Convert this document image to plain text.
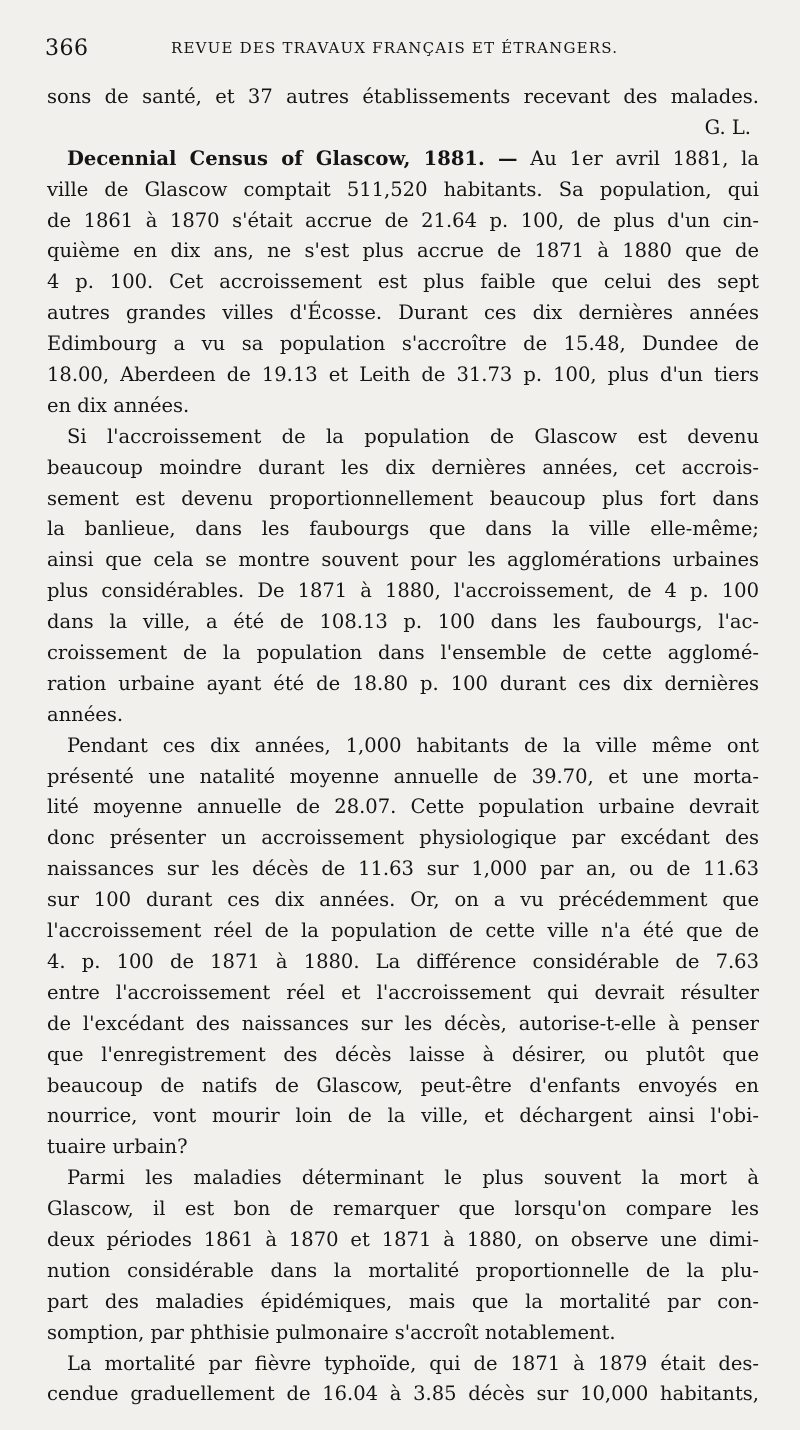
366	REVUE DES TRAVAUX FRANÇAIS ET ÉTRANGERS.
sons de santé, et 37 autres établissements recevant des malades.
G. L.
Decennial Census of Glascow, 1881. — Au 1er avril 1881, la
ville de Glascow comptait 511,520 habitants. Sa population, qui
de 1861 à 1870 s'était accrue de 21.64 p. 100, de plus d'un cin-
quième en dix ans, ne s'est plus accrue de 1871 à 1880 que de
4 p. 100. Cet accroissement est plus faible que celui des sept
autres grandes villes d'Écosse. Durant ces dix dernières années
Edimbourg a vu sa population s'accroître de 15.48, Dundee de
18.00, Aberdeen de 19.13 et Leith de 31.73 p. 100, plus d'un tiers
en dix années.
Si l'accroissement de la population de Glascow est devenu
beaucoup moindre durant les dix dernières années, cet accrois-
sement est devenu proportionnellement beaucoup plus fort dans
la banlieue, dans les faubourgs que dans la ville elle-même;
ainsi que cela se montre souvent pour les agglomérations urbaines
plus considérables. De 1871 à 1880, l'accroissement, de 4 p. 100
dans la ville, a été de 108.13 p. 100 dans les faubourgs, l'ac-
croissement de la population dans l'ensemble de cette agglomé-
ration urbaine ayant été de 18.80 p. 100 durant ces dix dernières
années.
Pendant ces dix années, 1,000 habitants de la ville même ont
présenté une natalité moyenne annuelle de 39.70, et une morta-
lité moyenne annuelle de 28.07. Cette population urbaine devrait
donc présenter un accroissement physiologique par excédant des
naissances sur les décès de 11.63 sur 1,000 par an, ou de 11.63
sur 100 durant ces dix années. Or, on a vu précédemment que
l'accroissement réel de la population de cette ville n'a été que de
4. p. 100 de 1871 à 1880. La différence considérable de 7.63
entre l'accroissement réel et l'accroissement qui devrait résulter
de l'excédant des naissances sur les décès, autorise-t-elle à penser
que l'enregistrement des décès laisse à désirer, ou plutôt que
beaucoup de natifs de Glascow, peut-être d'enfants envoyés en
nourrice, vont mourir loin de la ville, et déchargent ainsi l'obi-
tuaire urbain?
Parmi les maladies déterminant le plus souvent la mort à
Glascow, il est bon de remarquer que lorsqu'on compare les
deux périodes 1861 à 1870 et 1871 à 1880, on observe une dimi-
nution considérable dans la mortalité proportionnelle de la plu-
part des maladies épidémiques, mais que la mortalité par con-
somption, par phthisie pulmonaire s'accroît notablement.
La mortalité par fièvre typhoïde, qui de 1871 à 1879 était des-
cendue graduellement de 16.04 à 3.85 décès sur 10,000 habitants,
